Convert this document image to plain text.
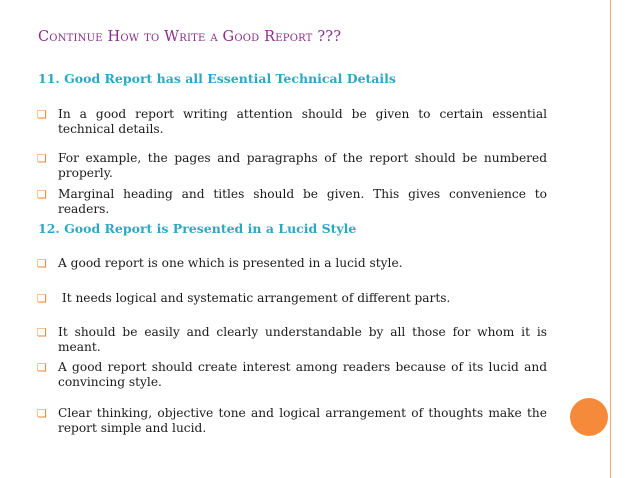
Continue How to Write a Good Report ???
11. Good Report has all Essential Technical Details
❏ In a good report writing attention should be given to certain essential technical details.
❏ For example, the pages and paragraphs of the report should be numbered properly.
❏ Marginal heading and titles should be given. This gives convenience to readers.
12. Good Report is Presented in a Lucid Style
❏ A good report is one which is presented in a lucid style.
❏ It needs logical and systematic arrangement of different parts.
❏ It should be easily and clearly understandable by all those for whom it is meant.
❏ A good report should create interest among readers because of its lucid and convincing style.
❏ Clear thinking, objective tone and logical arrangement of thoughts make the report simple and lucid.
